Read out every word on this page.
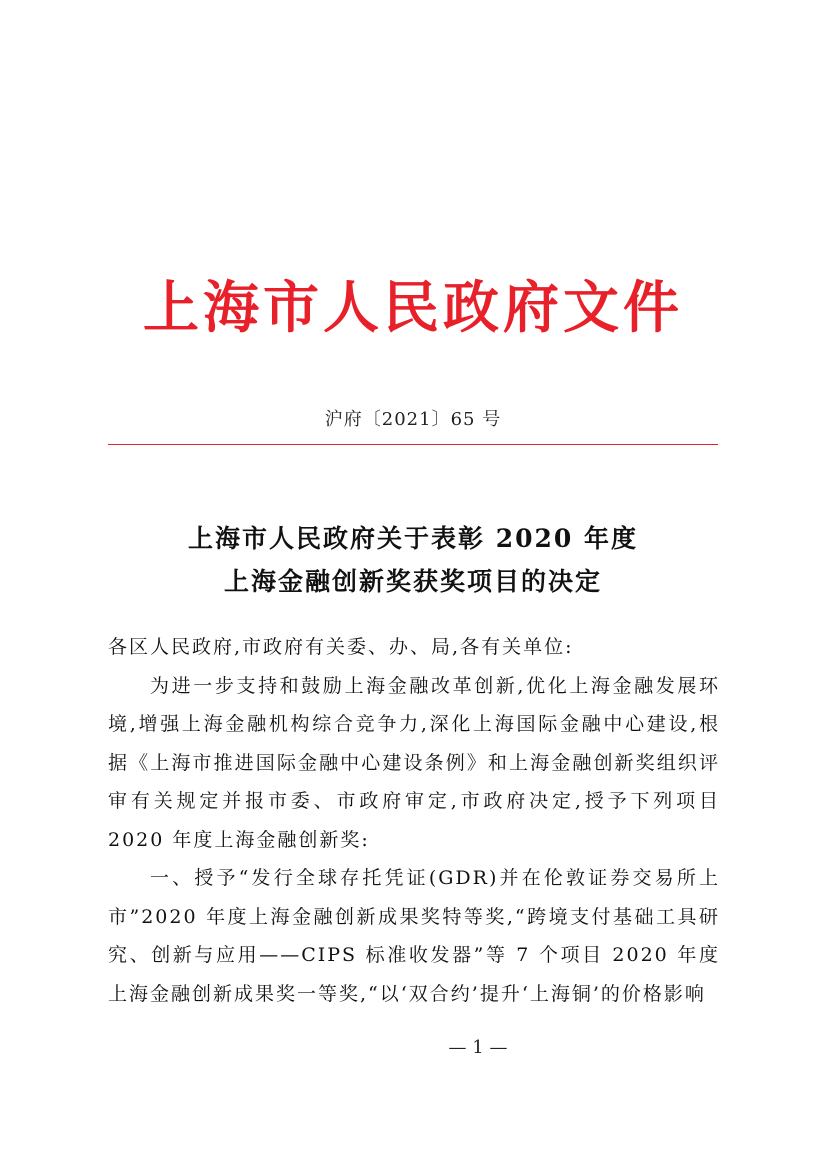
上海市人民政府文件
沪府〔2021〕65 号
上海市人民政府关于表彰 2020 年度
上海金融创新奖获奖项目的决定

各区人民政府,市政府有关委、办、局,各有关单位:

为进一步支持和鼓励上海金融改革创新,优化上海金融发展环境,增强上海金融机构综合竞争力,深化上海国际金融中心建设,根据《上海市推进国际金融中心建设条例》和上海金融创新奖组织评审有关规定并报市委、市政府审定,市政府决定,授予下列项目 2020 年度上海金融创新奖:

一、授予“发行全球存托凭证(GDR)并在伦敦证券交易所上市”2020 年度上海金融创新成果奖特等奖,“跨境支付基础工具研究、创新与应用——CIPS 标准收发器”等 7 个项目 2020 年度上海金融创新成果奖一等奖,“以‘双合约’提升‘上海铜’的价格影响

— 1 —
